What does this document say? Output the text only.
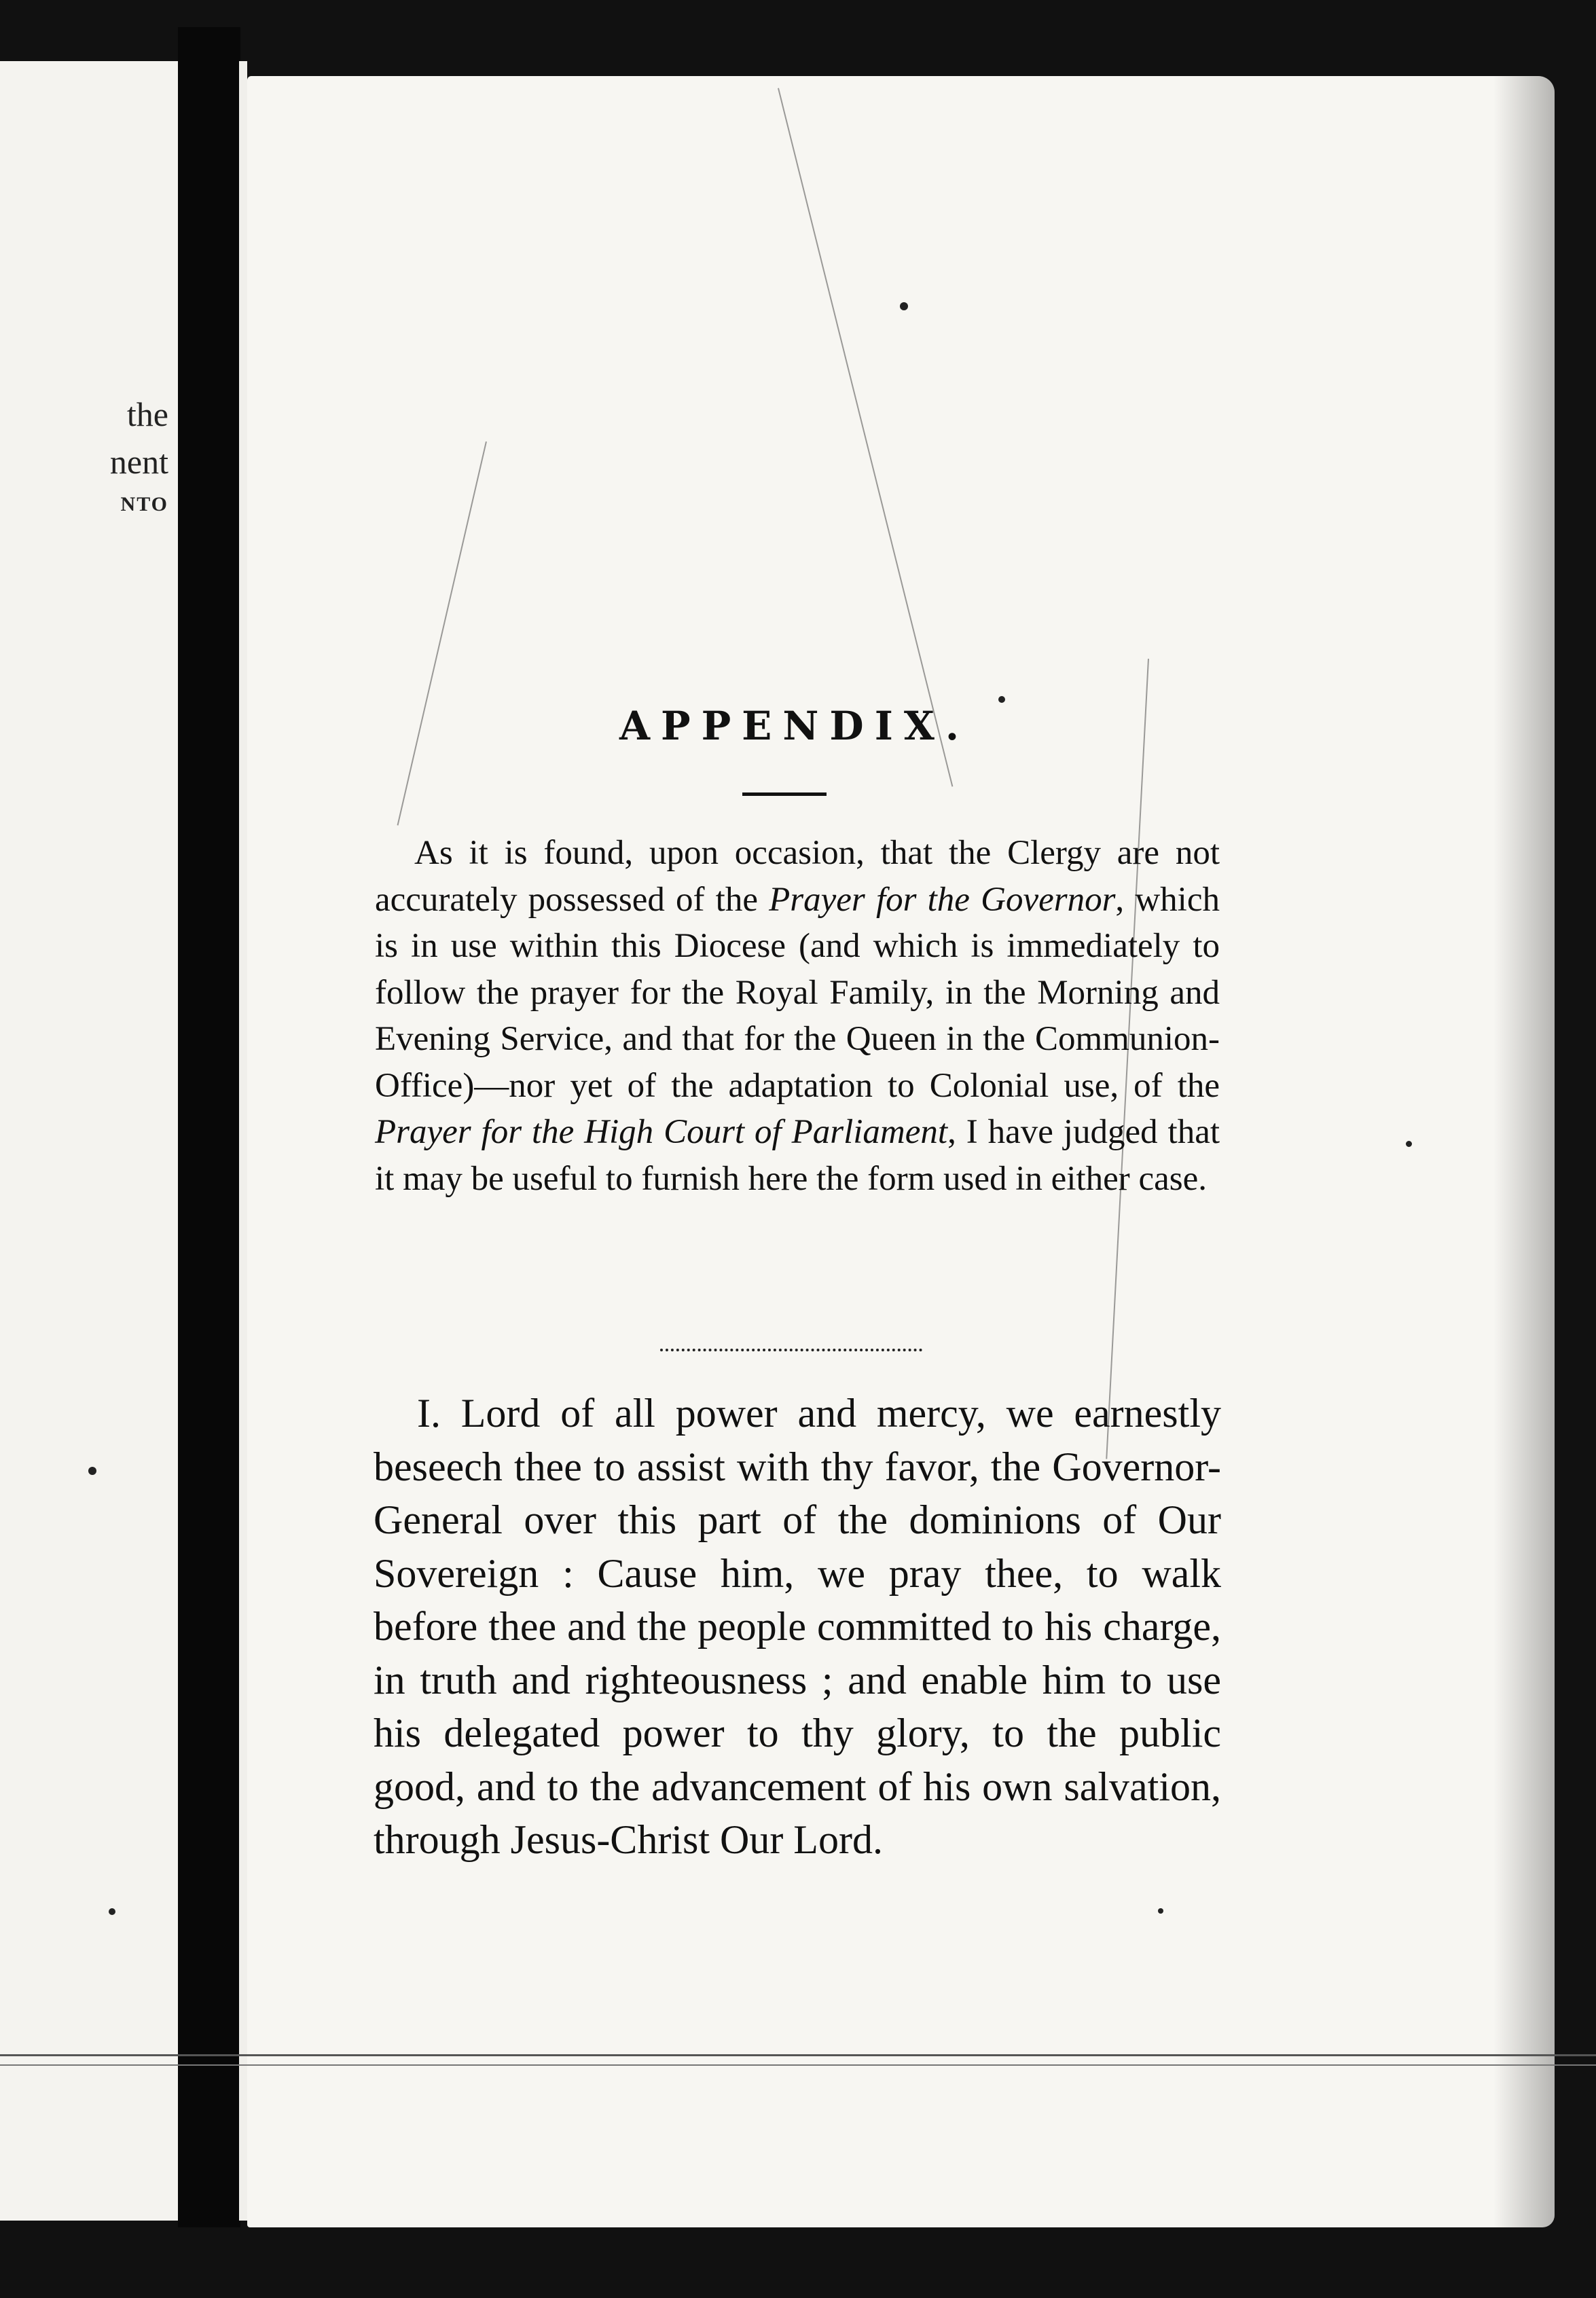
the
nent
NTO
APPENDIX.

As it is found, upon occasion, that the Clergy are not accurately possessed of the Prayer for the Governor, which is in use within this Diocese (and which is immediately to follow the prayer for the Royal Family, in the Morning and Evening Service, and that for the Queen in the Communion-Office)—nor yet of the adaptation to Colonial use, of the Prayer for the High Court of Parliament, I have judged that it may be useful to furnish here the form used in either case.

I. Lord of all power and mercy, we earnestly beseech thee to assist with thy favor, the Governor-General over this part of the dominions of Our Sovereign : Cause him, we pray thee, to walk before thee and the people committed to his charge, in truth and righteousness ; and enable him to use his delegated power to thy glory, to the public good, and to the advancement of his own salvation, through Jesus-Christ Our Lord.
